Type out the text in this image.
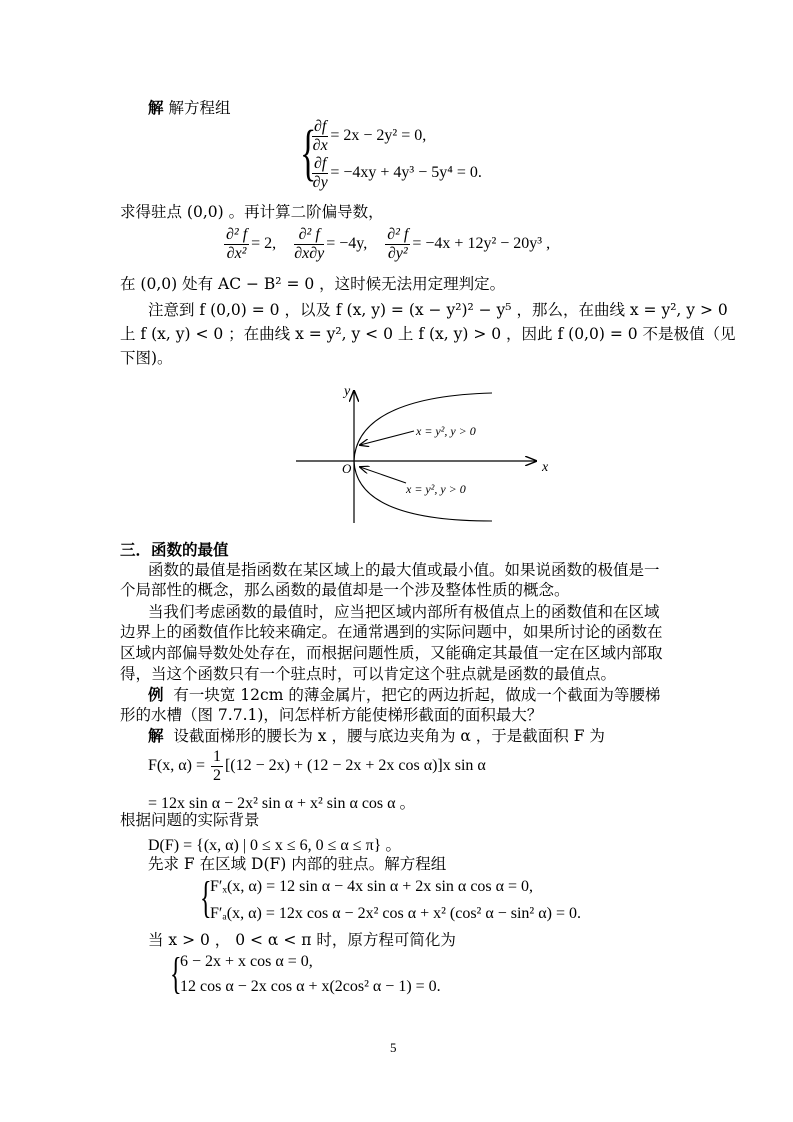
解 解方程组
{
$\frac{\partial f}{\partial x} = 2x - 2y^2 = 0$,
$\frac{\partial f}{\partial y} = -4xy + 4y^3 - 5y^4 = 0$.
求得驻点 (0,0) 。再计算二阶偏导数，
$\frac{\text{∂² f}}{\text{∂x²}} = 2$, $\frac{\text{∂² f}}{\partial x\partial y} = -4y$, $\frac{\text{∂² f}}{\text{∂y²}} = -4x + 12y^2 - 20y^3$ ,
在 (0,0) 处有 AC − B² = 0 ，这时候无法用定理判定。
注意到 f (0,0) = 0 ，以及 f (x, y) = (x − y²)² − y⁵ ，那么，在曲线 x = y², y > 0
上 f (x, y) < 0 ；在曲线 x = y², y < 0 上 f (x, y) > 0 ，因此 f (0,0) = 0 不是极值（见
下图)。
y
x
O
x = y², y > 0
x = y², y > 0
三．函数的最值
函数的最值是指函数在某区域上的最大值或最小值。如果说函数的极值是一
个局部性的概念，那么函数的最值却是一个涉及整体性质的概念。
当我们考虑函数的最值时，应当把区域内部所有极值点上的函数值和在区域
边界上的函数值作比较来确定。在通常遇到的实际问题中，如果所讨论的函数在
区域内部偏导数处处存在，而根据问题性质，又能确定其最值一定在区域内部取
得，当这个函数只有一个驻点时，可以肯定这个驻点就是函数的最值点。
例 有一块宽 12cm 的薄金属片，把它的两边折起，做成一个截面为等腰梯
形的水槽（图 7.7.1)，问怎样析方能使梯形截面的面积最大？
解 设截面梯形的腰长为 x ，腰与底边夹角为 α ，于是截面积 F 为
F(x, $\alpha) = \frac{1}{2} [(12 - 2x) + (12 - 2x + 2x$ cos α)]x sin α
= 12x sin α − 2x² sin α + x² sin α cos α 。
根据问题的实际背景
D(F) = {(x, α) | 0 ≤ x ≤ 6, 0 ≤ α ≤ π} 。
先求 F 在区域 D(F) 内部的驻点。解方程组
{
F′ₓ(x, α) = 12 sin α − 4x sin α + 2x sin α cos α = 0,
F′ₐ(x, α) = 12x cos α − 2x² cos α + x² (cos² α − sin² α) = 0.
当 x > 0 ， 0 < α < π 时，原方程可简化为
{
6 − 2x + x cos α = 0,
12 cos α − 2x cos α + x(2cos² α − 1) = 0.
5
